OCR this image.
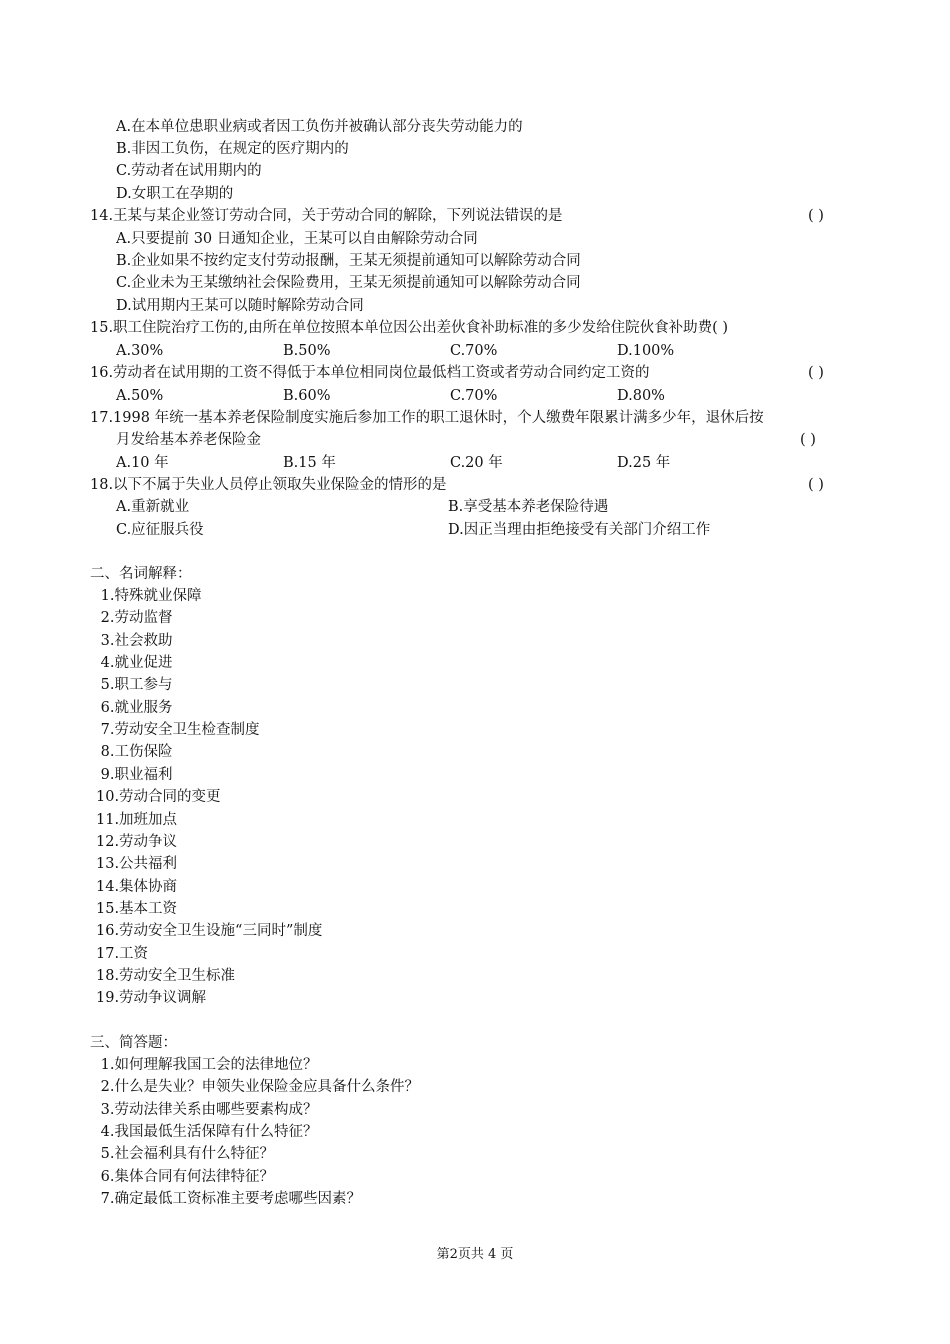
A.在本单位患职业病或者因工负伤并被确认部分丧失劳动能力的
B.非因工负伤，在规定的医疗期内的
C.劳动者在试用期内的
D.女职工在孕期的
14.王某与某企业签订劳动合同，关于劳动合同的解除，下列说法错误的是	( )
A.只要提前 30 日通知企业，王某可以自由解除劳动合同
B.企业如果不按约定支付劳动报酬，王某无须提前通知可以解除劳动合同
C.企业未为王某缴纳社会保险费用，王某无须提前通知可以解除劳动合同
D.试用期内王某可以随时解除劳动合同
15.职工住院治疗工伤的,由所在单位按照本单位因公出差伙食补助标准的多少发给住院伙食补助费( )
A.30%	B.50%	C.70%	D.100%
16.劳动者在试用期的工资不得低于本单位相同岗位最低档工资或者劳动合同约定工资的	( )
A.50%	B.60%	C.70%	D.80%
17.1998 年统一基本养老保险制度实施后参加工作的职工退休时，个人缴费年限累计满多少年，退休后按
月发给基本养老保险金	( )
A.10 年	B.15 年	C.20 年	D.25 年
18.以下不属于失业人员停止领取失业保险金的情形的是	( )
A.重新就业	B.享受基本养老保险待遇
C.应征服兵役	D.因正当理由拒绝接受有关部门介绍工作
二、名词解释：
1.特殊就业保障
2.劳动监督
3.社会救助
4.就业促进
5.职工参与
6.就业服务
7.劳动安全卫生检查制度
8.工伤保险
9.职业福利
10.劳动合同的变更
11.加班加点
12.劳动争议
13.公共福利
14.集体协商
15.基本工资
16.劳动安全卫生设施“三同时”制度
17.工资
18.劳动安全卫生标准
19.劳动争议调解
三、简答题：
1.如何理解我国工会的法律地位？
2.什么是失业？申领失业保险金应具备什么条件？
3.劳动法律关系由哪些要素构成？
4.我国最低生活保障有什么特征？
5.社会福利具有什么特征？
6.集体合同有何法律特征？
7.确定最低工资标准主要考虑哪些因素？
第2页共 4 页
